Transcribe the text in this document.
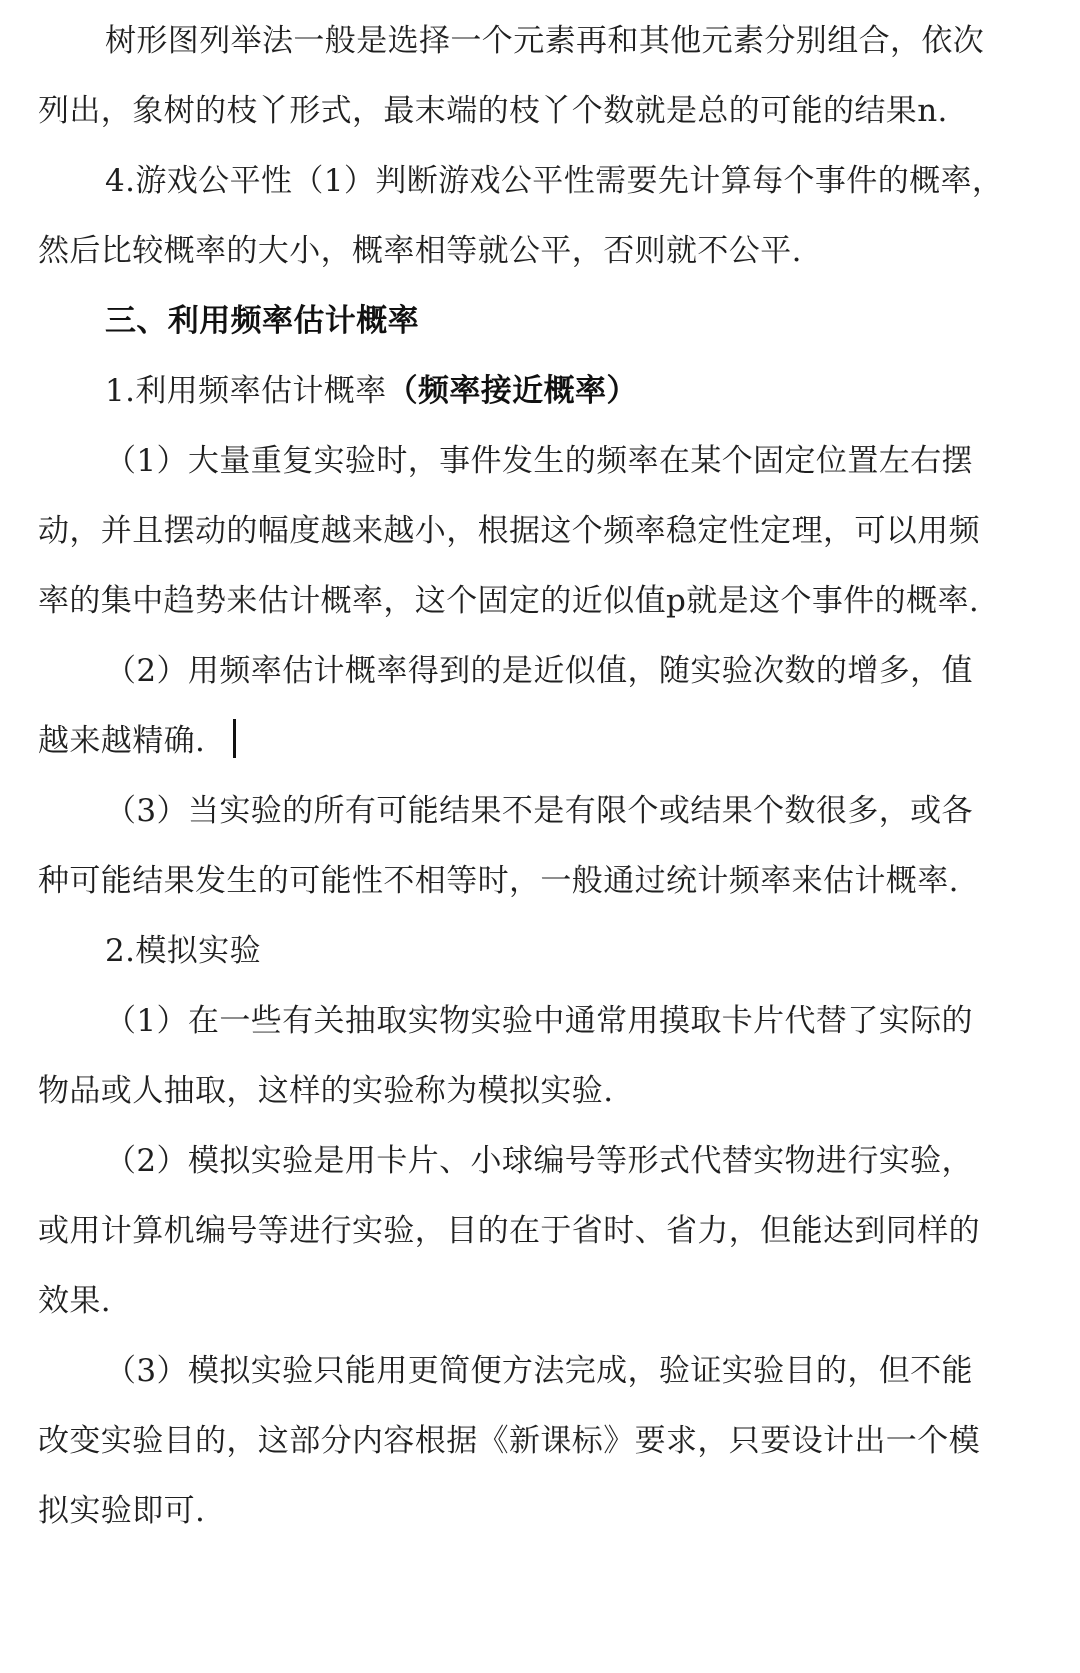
树形图列举法一般是选择一个元素再和其他元素分别组合，依次
列出，象树的枝丫形式，最末端的枝丫个数就是总的可能的结果n.
4.游戏公平性（1）判断游戏公平性需要先计算每个事件的概率，
然后比较概率的大小，概率相等就公平，否则就不公平.
三、利用频率估计概率
1.利用频率估计概率（频率接近概率）
（1）大量重复实验时，事件发生的频率在某个固定位置左右摆
动，并且摆动的幅度越来越小，根据这个频率稳定性定理，可以用频
率的集中趋势来估计概率，这个固定的近似值p就是这个事件的概率.
（2）用频率估计概率得到的是近似值，随实验次数的增多，值
越来越精确.
（3）当实验的所有可能结果不是有限个或结果个数很多，或各
种可能结果发生的可能性不相等时，一般通过统计频率来估计概率.
2.模拟实验
（1）在一些有关抽取实物实验中通常用摸取卡片代替了实际的
物品或人抽取，这样的实验称为模拟实验.
（2）模拟实验是用卡片、小球编号等形式代替实物进行实验，
或用计算机编号等进行实验，目的在于省时、省力，但能达到同样的
效果.
（3）模拟实验只能用更简便方法完成，验证实验目的，但不能
改变实验目的，这部分内容根据《新课标》要求，只要设计出一个模
拟实验即可.
